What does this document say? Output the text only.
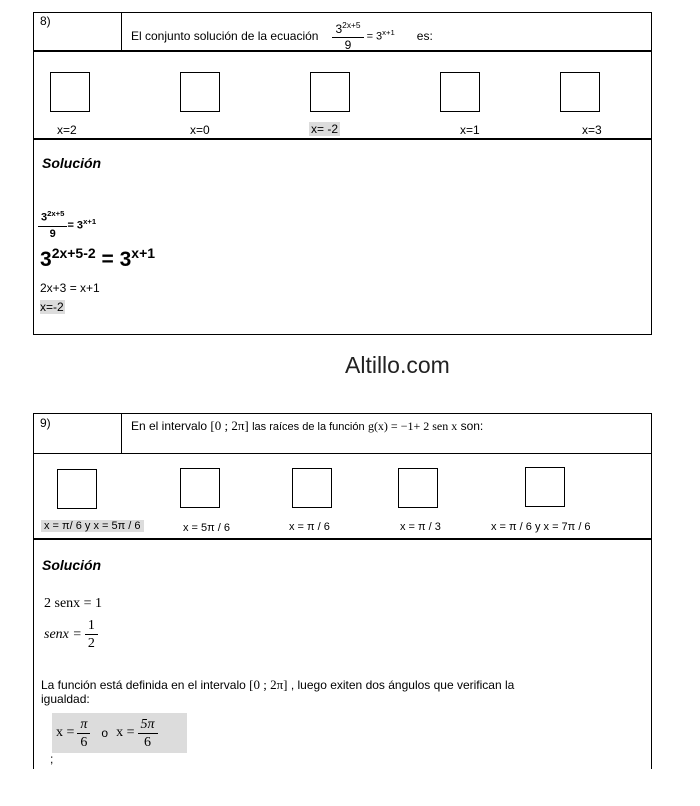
8)
El conjunto solución de la ecuación $\frac{3^{2x+5}}{9} = 3^{x+1}$ es:
x=2	x=0	x= -2	x=1	x=3
Solución
$\frac{3^{2x+5}}{9} = 3^{x+1}$
$3^{2x+5-2} = 3^{x+1}$
2x+3 = x+1
x=-2
Altillo.com
9)	En el intervalo [0 ; 2π] las raíces de la función g(x) = −1+ 2 sen x son:
x = π/ 6 y x = 5π / 6	x = 5π / 6	x = π / 6	x = π / 3	x = π / 6 y x = 7π / 6
Solución
2 senx = 1
senx = $\frac{1}{2}$
La función está definida en el intervalo [0 ; 2π] , luego exiten dos ángulos que verifican la
igualdad:
$x = \frac{\pi}{6}$ o $x = \frac{5\pi}{6}$
;
